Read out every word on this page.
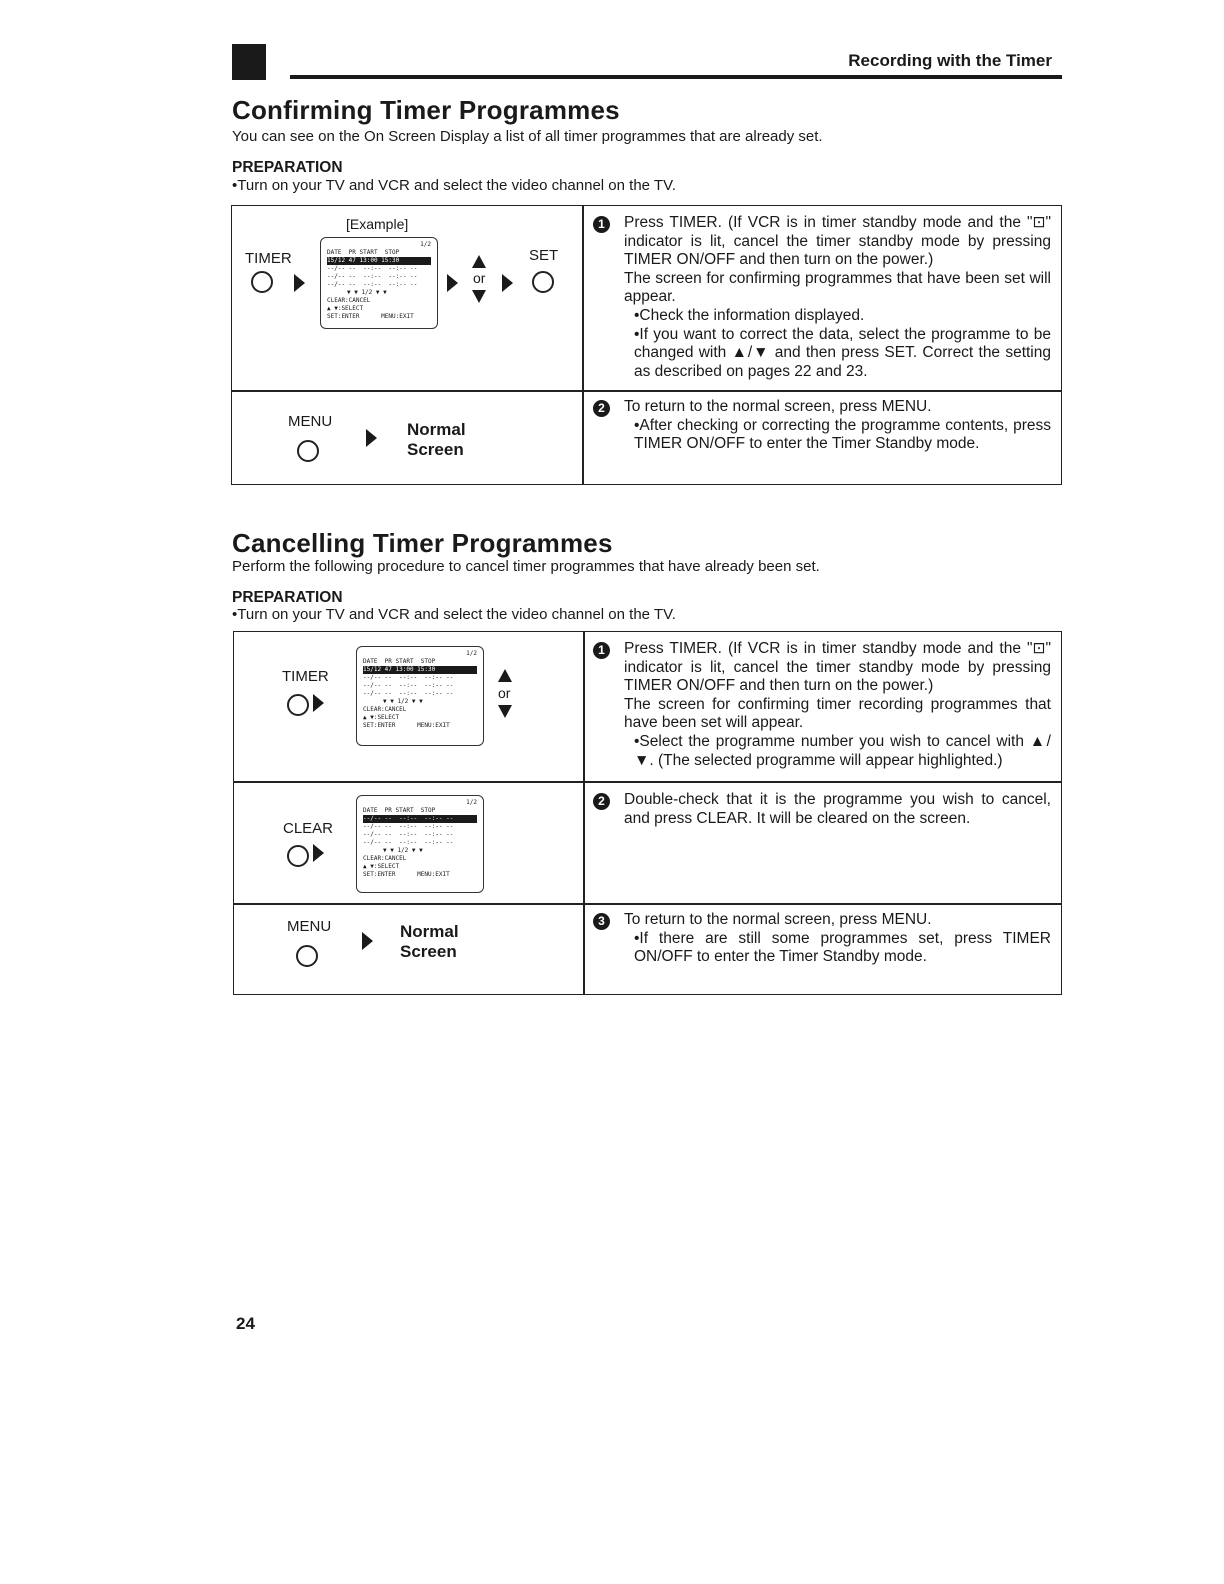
Recording with the Timer
Confirming Timer Programmes
You can see on the On Screen Display a list of all timer programmes that are already set.
PREPARATION
•Turn on your TV and VCR and select the video channel on the TV.
[Example]
TIMER
1/2
DATE  PR START  STOP
15/12 47 13:00 15:30
--/-- --  --:--  --:-- --
--/-- --  --:--  --:-- --
--/-- --  --:--  --:-- --
▼ ▼ 1/2 ▼ ▼
CLEAR:CANCEL
▲ ▼:SELECT
SET:ENTER      MENU:EXIT
or
SET
MENU	Normal
Screen
1	Press TIMER. (If VCR is in timer standby mode and the "⊡" indicator is lit, cancel the timer standby mode by pressing TIMER ON/OFF and then turn on the power.)

The screen for confirming programmes that have been set will appear.

•Check the information displayed.

•If you want to correct the data, select the programme to be changed with ▲/▼ and then press SET. Correct the setting as described on pages 22 and 23.

2	To return to the normal screen, press MENU.

•After checking or correcting the programme contents, press TIMER ON/OFF to enter the Timer Standby mode.

Cancelling Timer Programmes
Perform the following procedure to cancel timer programmes that have already been set.
PREPARATION
•Turn on your TV and VCR and select the video channel on the TV.
TIMER
1/2
DATE  PR START  STOP
15/12 47 13:00 15:30
--/-- --  --:--  --:-- --
--/-- --  --:--  --:-- --
--/-- --  --:--  --:-- --
▼ ▼ 1/2 ▼ ▼
CLEAR:CANCEL
▲ ▼:SELECT
SET:ENTER      MENU:EXIT
or
CLEAR
1/2
DATE  PR START  STOP
--/-- --  --:--  --:-- --
--/-- --  --:--  --:-- --
--/-- --  --:--  --:-- --
--/-- --  --:--  --:-- --
▼ ▼ 1/2 ▼ ▼
CLEAR:CANCEL
▲ ▼:SELECT
SET:ENTER      MENU:EXIT
MENU	Normal
Screen
1	Press TIMER. (If VCR is in timer standby mode and the "⊡" indicator is lit, cancel the timer standby mode by pressing TIMER ON/OFF and then turn on the power.)

The screen for confirming timer recording programmes that have been set will appear.

•Select the programme number you wish to cancel with ▲/▼. (The selected programme will appear highlighted.)

2	Double-check that it is the programme you wish to cancel, and press CLEAR. It will be cleared on the screen.

3	To return to the normal screen, press MENU.

•If there are still some programmes set, press TIMER ON/OFF to enter the Timer Standby mode.

24
